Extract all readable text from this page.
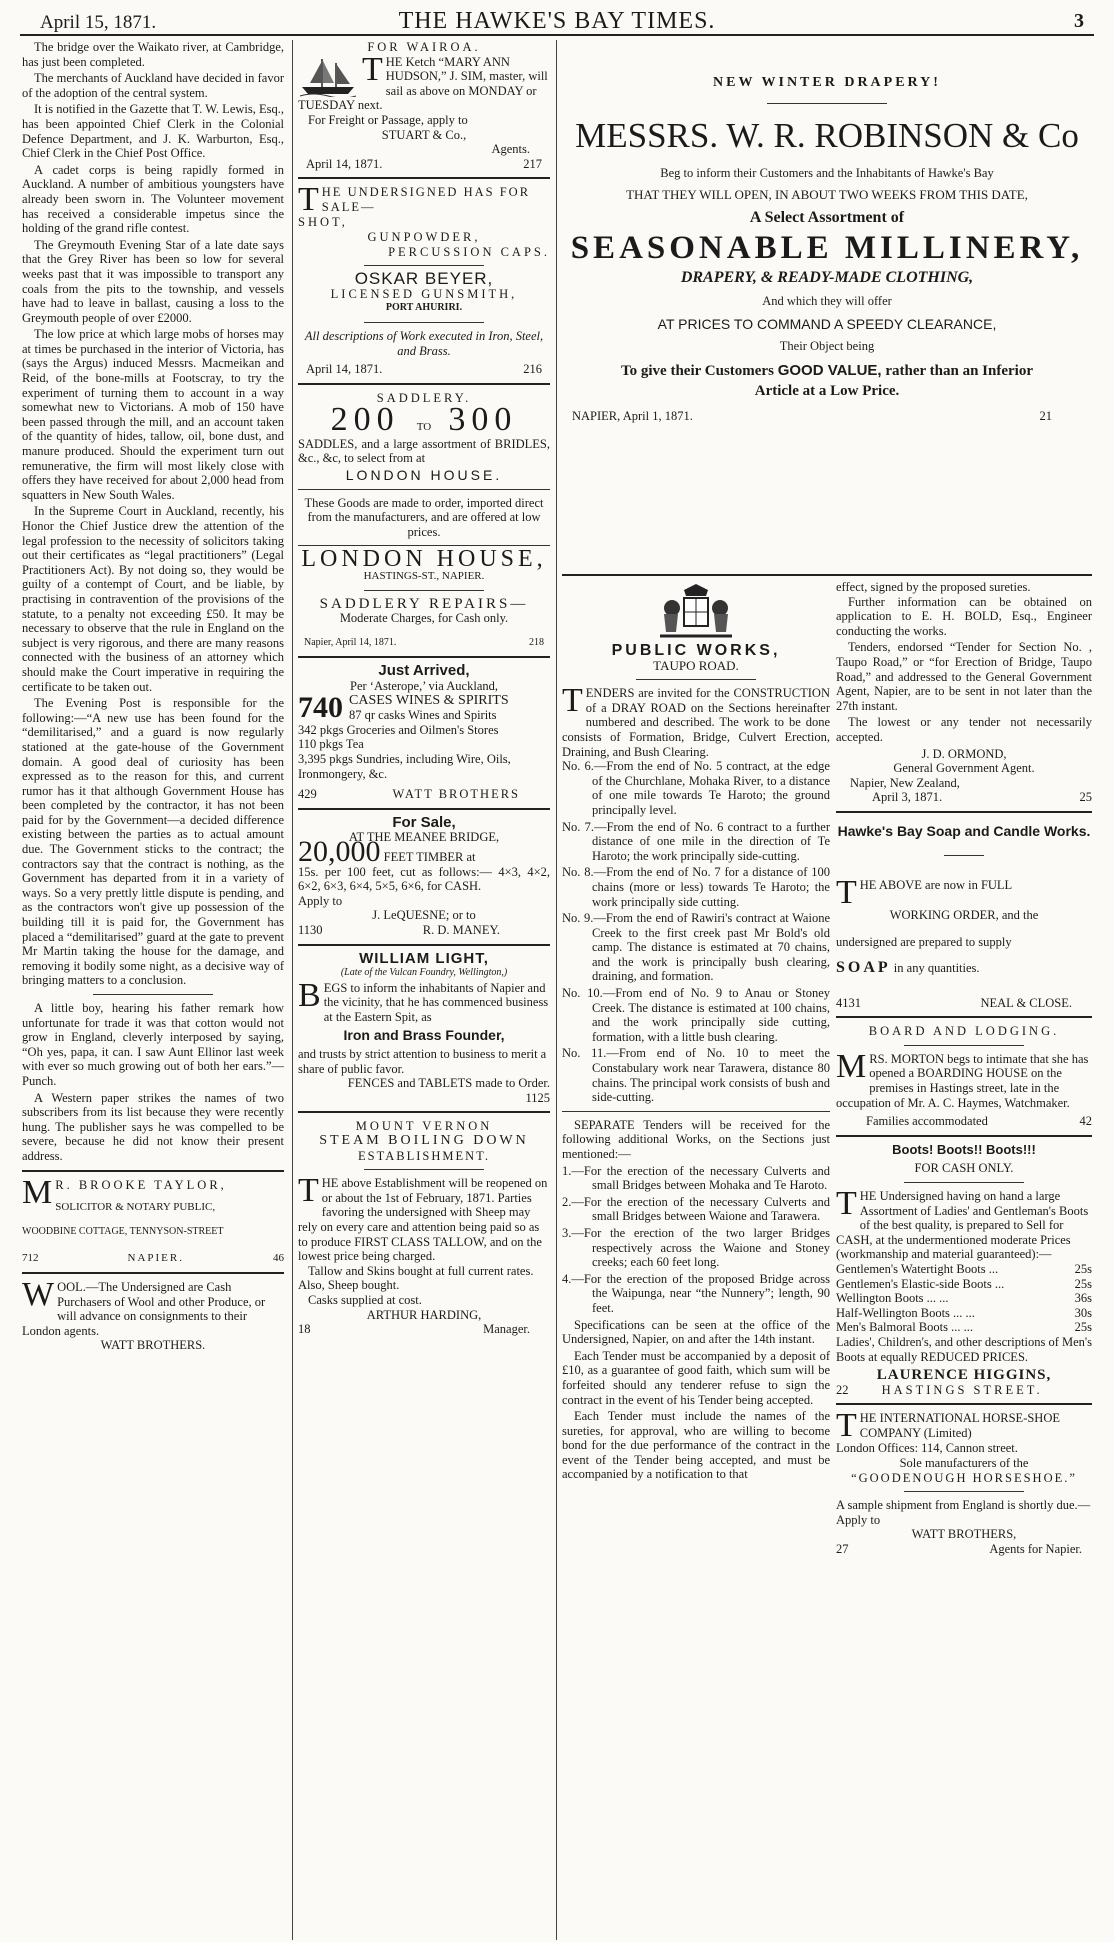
April 15, 1871.	THE HAWKE'S BAY TIMES.	3

The bridge over the Waikato river, at Cambridge, has just been completed.

The merchants of Auckland have decided in favor of the adoption of the central system.

It is notified in the Gazette that T. W. Lewis, Esq., has been appointed Chief Clerk in the Colonial Defence Department, and J. K. Warburton, Esq., Chief Clerk in the Chief Post Office.

A cadet corps is being rapidly formed in Auckland. A number of ambitious youngsters have already been sworn in. The Volunteer movement has received a considerable impetus since the holding of the grand rifle contest.

The Greymouth Evening Star of a late date says that the Grey River has been so low for several weeks past that it was impossible to transport any coals from the pits to the township, and vessels have had to leave in ballast, causing a loss to the Greymouth people of over £2000.

The low price at which large mobs of horses may at times be purchased in the interior of Victoria, has (says the Argus) induced Messrs. Macmeikan and Reid, of the bone-mills at Footscray, to try the experiment of turning them to account in a way somewhat new to Victorians. A mob of 150 have been passed through the mill, and an account taken of the quantity of hides, tallow, oil, bone dust, and manure produced. Should the experiment turn out remunerative, the firm will most likely close with offers they have received for about 2,000 head from squatters in New South Wales.

In the Supreme Court in Auckland, recently, his Honor the Chief Justice drew the attention of the legal profession to the necessity of solicitors taking out their certificates as “legal practitioners” (Legal Practitioners Act). By not doing so, they would be guilty of a contempt of Court, and be liable, by practising in contravention of the provisions of the statute, to a penalty not exceeding £50. It may be necessary to observe that the rule in England on the subject is very rigorous, and there are many reasons connected with the business of an attorney which should make the Court imperative in requiring the certificate to be taken out.

The Evening Post is responsible for the following:—“A new use has been found for the “demilitarised,” and a guard is now regularly stationed at the gate-house of the Government domain. A good deal of curiosity has been expressed as to the reason for this, and current rumor has it that although Government House has been completed by the contractor, it has not been paid for by the Government—a decided difference existing between the parties as to actual amount due. The Government sticks to the contract; the contractors say that the contract is nothing, as the Government has departed from it in a variety of ways. So a very prettly little dispute is pending, and as the contractors won't give up possession of the building till it is paid for, the Government has placed a “demilitarised” guard at the gate to prevent Mr Martin taking the house for the damage, and removing it bodily some night, as a decisive way of bringing matters to a conclusion.

A little boy, hearing his father remark how unfortunate for trade it was that cotton would not grow in England, cleverly interposed by saying, “Oh yes, papa, it can. I saw Aunt Ellinor last week with ever so much growing out of both her ears.”—Punch.

A Western paper strikes the names of two subscribers from its list because they were recently hung. The publisher says he was compelled to be severe, because he did not know their present address.

M R. BROOKE TAYLOR,
SOLICITOR & NOTARY PUBLIC,
WOODBINE COTTAGE, TENNYSON-STREET
712	NAPIER.	46
W OOL.—The Undersigned are Cash Purchasers of Wool and other Produce, or will advance on consignments to their London agents.
WATT BROTHERS.
FOR WAIROA.
T HE Ketch “MARY ANN HUDSON,” J. SIM, master, will sail as above on MONDAY or TUESDAY next.
For Freight or Passage, apply to
STUART & Co.,
Agents.
April 14, 1871.	217
T HE UNDERSIGNED HAS FOR SALE—
SHOT,
GUNPOWDER,
PERCUSSION CAPS.
OSKAR BEYER,
LICENSED GUNSMITH,
PORT AHURIRI.
All descriptions of Work executed in Iron, Steel, and Brass.
April 14, 1871.	216
SADDLERY.
200 TO 300
SADDLES, and a large assortment of BRIDLES, &c., &c, to select from at
LONDON HOUSE.
These Goods are made to order, imported direct from the manufacturers, and are offered at low prices.
LONDON HOUSE,
HASTINGS-ST., NAPIER.
SADDLERY REPAIRS—
Moderate Charges, for Cash only.
Napier, April 14, 1871.	218
Just Arrived,
Per ‘Asterope,’ via Auckland,
740 CASES WINES & SPIRITS
87 qr casks Wines and Spirits
342 pkgs Groceries and Oilmen's Stores
110 pkgs Tea
3,395 pkgs Sundries, including Wire, Oils, Ironmongery, &c.
429	WATT BROTHERS
For Sale,
AT THE MEANEE BRIDGE,
20,000 FEET TIMBER at
15s. per 100 feet, cut as follows:— 4×3, 4×2, 6×2, 6×3, 6×4, 5×5, 6×6, for CASH.
Apply to
J. LeQUESNE; or to
1130	R. D. MANEY.
WILLIAM LIGHT,
(Late of the Vulcan Foundry, Wellington,)
B EGS to inform the inhabitants of Napier and the vicinity, that he has commenced business at the Eastern Spit, as
Iron and Brass Founder,
and trusts by strict attention to business to merit a share of public favor.
FENCES and TABLETS made to Order.
1125
MOUNT VERNON
STEAM BOILING DOWN
ESTABLISHMENT.
T HE above Establishment will be reopened on or about the 1st of February, 1871. Parties favoring the undersigned with Sheep may rely on every care and attention being paid so as to produce FIRST CLASS TALLOW, and on the lowest price being charged.
Tallow and Skins bought at full current rates. Also, Sheep bought.
Casks supplied at cost.
ARTHUR HARDING,
18	Manager.
NEW WINTER DRAPERY!
MESSRS. W. R. ROBINSON & Co
Beg to inform their Customers and the Inhabitants of Hawke's Bay
THAT THEY WILL OPEN, IN ABOUT TWO WEEKS FROM THIS DATE,
A Select Assortment of
SEASONABLE MILLINERY,
DRAPERY, & READY-MADE CLOTHING,
And which they will offer
AT PRICES TO COMMAND A SPEEDY CLEARANCE,
Their Object being
To give their Customers GOOD VALUE, rather than an Inferior
Article at a Low Price.
NAPIER, April 1, 1871.	21
PUBLIC WORKS,
TAUPO ROAD.
T ENDERS are invited for the CONSTRUCTION of a DRAY ROAD on the Sections hereinafter numbered and described. The work to be done consists of Formation, Bridge, Culvert Erection, Draining, and Bush Clearing.
No. 6.—From the end of No. 5 contract, at the edge of the Churchlane, Mohaka River, to a distance of one mile towards Te Haroto; the ground principally level.
No. 7.—From the end of No. 6 contract to a further distance of one mile in the direction of Te Haroto; the work principally side-cutting.
No. 8.—From the end of No. 7 for a distance of 100 chains (more or less) towards Te Haroto; the work principally side cutting.
No. 9.—From the end of Rawiri's contract at Waione Creek to the first creek past Mr Bold's old camp. The distance is estimated at 70 chains, and the work is principally bush clearing, draining, and formation.
No. 10.—From end of No. 9 to Anau or Stoney Creek. The distance is estimated at 100 chains, and the work principally side cutting, formation, with a little bush clearing.
No. 11.—From end of No. 10 to meet the Constabulary work near Tarawera, distance 80 chains. The principal work consists of bush and side-cutting.

SEPARATE Tenders will be received for the following additional Works, on the Sections just mentioned:—

1.—For the erection of the necessary Culverts and small Bridges between Mohaka and Te Haroto.
2.—For the erection of the necessary Culverts and small Bridges between Waione and Tarawera.
3.—For the erection of the two larger Bridges respectively across the Waione and Stoney creeks; each 60 feet long.
4.—For the erection of the proposed Bridge across the Waipunga, near “the Nunnery”; length, 90 feet.

Specifications can be seen at the office of the Undersigned, Napier, on and after the 14th instant.

Each Tender must be accompanied by a deposit of £10, as a guarantee of good faith, which sum will be forfeited should any tenderer refuse to sign the contract in the event of his Tender being accepted.

Each Tender must include the names of the sureties, for approval, who are willing to become bond for the due performance of the contract in the event of the Tender being accepted, and must be accompanied by a notification to that

effect, signed by the proposed sureties.

Further information can be obtained on application to E. H. BOLD, Esq., Engineer conducting the works.

Tenders, endorsed “Tender for Section No. , Taupo Road,” or “for Erection of Bridge, Taupo Road,” and addressed to the General Government Agent, Napier, are to be sent in not later than the 27th instant.

The lowest or any tender not necessarily accepted.

J. D. ORMOND,
General Government Agent.
Napier, New Zealand,
April 3, 1871.	25
Hawke's Bay Soap and Candle Works.
T HE ABOVE are now in FULL
WORKING ORDER, and the
undersigned are prepared to supply
SOAP in any quantities.
4131	NEAL & CLOSE.
BOARD AND LODGING.
M RS. MORTON begs to intimate that she has opened a BOARDING HOUSE on the premises in Hastings street, late in the occupation of Mr. A. C. Haymes, Watchmaker.
Families accommodated	42
Boots! Boots!! Boots!!!
FOR CASH ONLY.
T HE Undersigned having on hand a large Assortment of Ladies' and Gentleman's Boots of the best quality, is prepared to Sell for CASH, at the undermentioned moderate Prices (workmanship and material guaranteed):—
Gentlemen's Watertight Boots ...	25s
Gentlemen's Elastic-side Boots ...	25s
Wellington Boots ... ...	36s
Half-Wellington Boots ... ...	30s
Men's Balmoral Boots ... ...	25s
Ladies', Children's, and other descriptions of Men's Boots at equally REDUCED PRICES.
LAURENCE HIGGINS,
22	HASTINGS STREET.
T HE INTERNATIONAL HORSE-SHOE COMPANY (Limited)
London Offices: 114, Cannon street.
Sole manufacturers of the
“GOODENOUGH HORSESHOE.”
A sample shipment from England is shortly due.—Apply to
WATT BROTHERS,
27	Agents for Napier.
